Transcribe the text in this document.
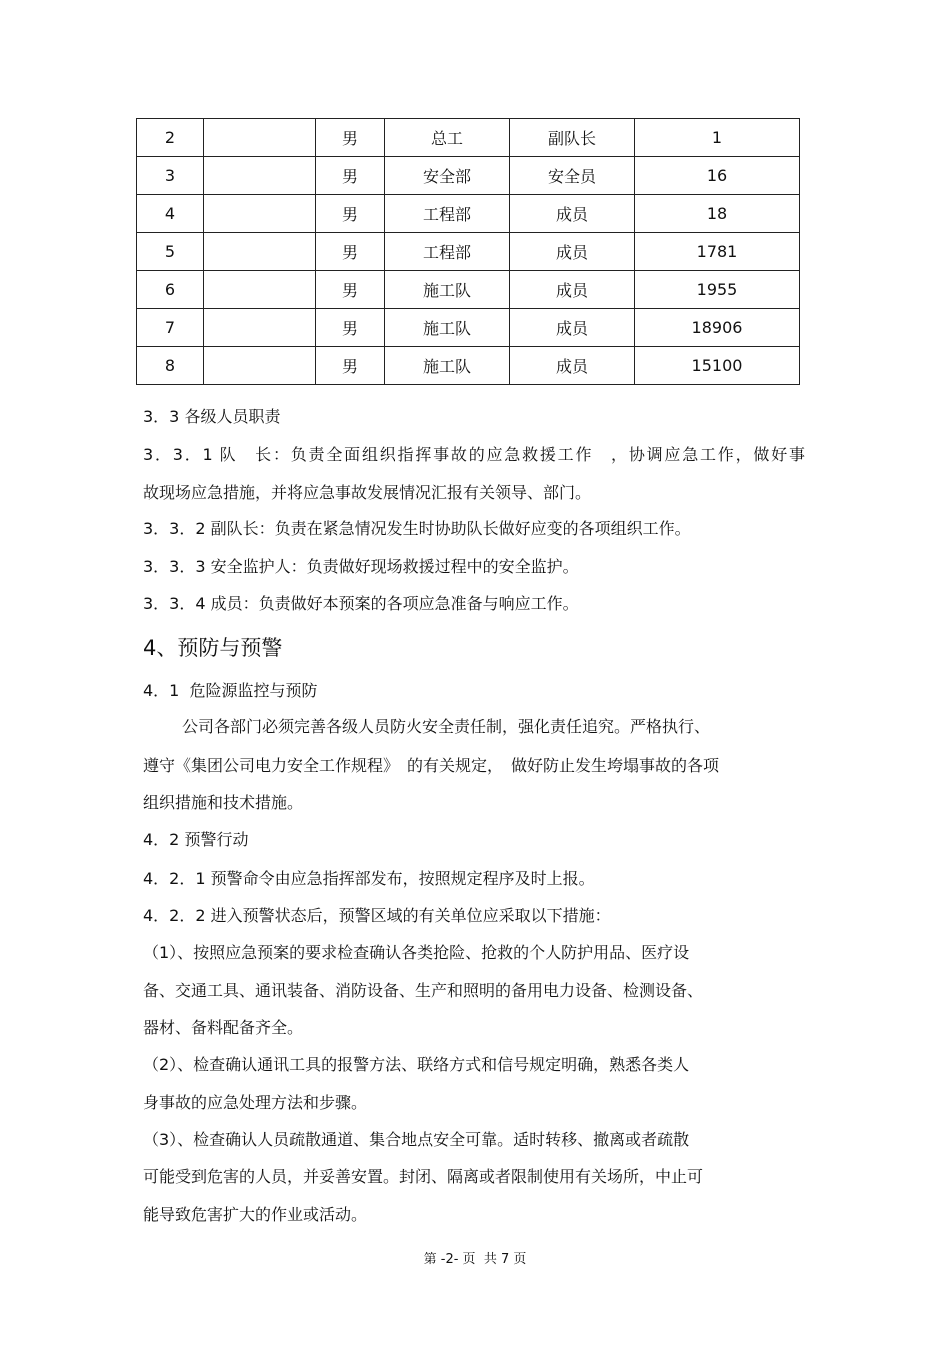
2		男	总工	副队长	1
3		男	安全部	安全员	16
4		男	工程部	成员	18
5		男	工程部	成员	1781
6		男	施工队	成员	1955
7		男	施工队	成员	18906
8		男	施工队	成员	15100
3．3 各级人员职责
3．3．1 队　长：负责全面组织指挥事故的应急救援工作　，协调应急工作，做好事
故现场应急措施，并将应急事故发展情况汇报有关领导、部门。
3．3．2 副队长：负责在紧急情况发生时协助队长做好应变的各项组织工作。
3．3．3 安全监护人：负责做好现场救援过程中的安全监护。
3．3．4 成员：负责做好本预案的各项应急准备与响应工作。
4、预防与预警
4．1  危险源监控与预防
公司各部门必须完善各级人员防火安全责任制，强化责任追究。严格执行、
遵守《集团公司电力安全工作规程》　的有关规定，　做好防止发生垮塌事故的各项
组织措施和技术措施。
4．2 预警行动
4．2．1 预警命令由应急指挥部发布，按照规定程序及时上报。
4．2．2 进入预警状态后，预警区域的有关单位应采取以下措施：
（1）、按照应急预案的要求检查确认各类抢险、抢救的个人防护用品、医疗设
备、交通工具、通讯装备、消防设备、生产和照明的备用电力设备、检测设备、
器材、备料配备齐全。
（2）、检查确认通讯工具的报警方法、联络方式和信号规定明确，熟悉各类人
身事故的应急处理方法和步骤。
（3）、检查确认人员疏散通道、集合地点安全可靠。适时转移、撤离或者疏散
可能受到危害的人员，并妥善安置。封闭、隔离或者限制使用有关场所，中止可
能导致危害扩大的作业或活动。
第 -2- 页  共 7 页
